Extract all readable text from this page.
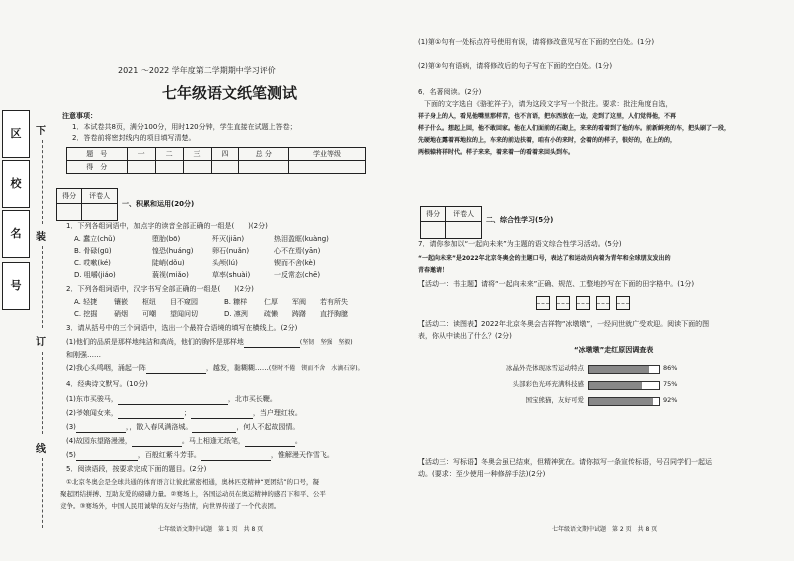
区
校
名
号
下
装
订
线
2021 ～2022 学年度第二学期期中学习评价
七年级语文纸笔测试
注意事项：
1．本试卷共8页，满分100分，用时120分钟，学生直接在试题上答卷；
2．答卷前将密封线内的项目填写清楚。
题　号	一	二	三	四	总 分	学业等级
得　分						
得分	评卷人

一、积累和运用(20分)
1．下列各组词语中，加点字的读音全部正确的一组是(　　)(2分)
A. 蠢立(chǔ)	堕胎(bō)	歼灭(jiān)	热泪盈眶(kuàng)
B. 骨碌(gū)	惶恐(huáng)	卵石(nuǎn)	心不在焉(yān)
C. 哎嗽(ké)	陡峭(dǒu)	头颅(lú)	锲而不舍(kè)
D. 咀嚼(jiáo)	藐视(miǎo)	草率(shuài)	一反常态(chē)
2．下列各组词语中，汉字书写全部正确的一组是(　　)(2分)
A. 轻捷 镶嵌 枢纽 目不窥园	B. 糠样 仁厚 军阀 若有所失
C. 挖掘 硝烟 可嘲 望闻问切	D. 凛洌 疏懒 踌躇 直抒胸臆
3．请从括号中的三个词语中，选出一个最符合语境的填写在横线上。(2分)
(1)他们的品质是那样地纯洁和高尚，他们的胸怀是那样地	(坚韧　坚强　坚毅)
和刚强……
(2)我心头鸣咽，涌起一阵	，越发，黏糊糊……(登时不倦　锲而不舍　水滴石穿)。
4．经典诗文默写。(10分)
(1)东市买骏马，	，北市买长鞭。
(2)爷娘闻女来，	；	，当户理红妆。
(3)	，，散入春风满洛城。	，何人不起故园情。
(4)故园东望路漫漫，	。马上相逢无纸笔，	。
(5)	，百般红紫斗芳菲。	，惟解漫天作雪飞。
5．阅读语段，按要求完成下面的题目。(2分)
①北京冬奥会是全球共通的体育语言让彼此紧密相通，奥林匹克精神“更团结”的口号，凝
聚起团结拼搏、互助友爱的磅礴力量。②赛场上，各国运动员在奥运精神的感召下和平、公平
竞争。③赛场外，中国人民用诚挚的友好与热情，向世界传递了一个代表团。
七年级语文期中试题　第 1 页　共 8 页
(1)第①句有一处标点符号使用有误，请将修改意见写在下面的空白处。(1分)
(2)第③句有语病，请将修改后的句子写在下面的空白处。(1分)
6．名著阅读。(2分)
下面的文字选自《骆驼祥子》，请为这段文字写一个批注。要求：批注角度自选，
祥子身上的人，看见他嘴里那样苦，也不言语，把东西放在一边，走到了这里，人们觉得他，不再
样子什么。想起上回，他不敢回家。他在人们面前的石砌上，来来的看着到了他的车。前新鲜亮的车，把头刷了一段，
先硬地在露着再地拉的上，车来的前边扶着，咱有小的来时，会着的的样子，很好的，在上的的，
两根辕将祥时代。样子来来，着来着一的看着来回头到车。
得分	评卷人

二、综合性学习(5分)
7．请你参加以“一起向未来”为主题的语文综合性学习活动。(5分)
“一起向未来”是2022年北京冬奥会的主题口号，表达了和运动员向着为青年和全球朋友发出的
青春邀请！
【活动一：书主题】请将“一起向未来”正确、规范、工整地抄写在下面的田字格中。(1分)
【活动二：读图表】2022年北京冬奥会吉祥物“冰墩墩”，一经问世就广受欢迎。阅读下面的图
表，你从中读出了什么？(2分)
“冰墩墩”走红原因调查表
冰晶外壳体现冰雪运动特点	86%
头部彩色光环充满科技感	75%
国宝熊猫，友好可爱	92%
【活动三：写标语】冬奥会虽已结束，但精神犹在。请你拟写一条宣传标语，号召同学们一起运
动。(要求：至少使用一种修辞手法)(2分)
七年级语文期中试题　第 2 页　共 8 页
